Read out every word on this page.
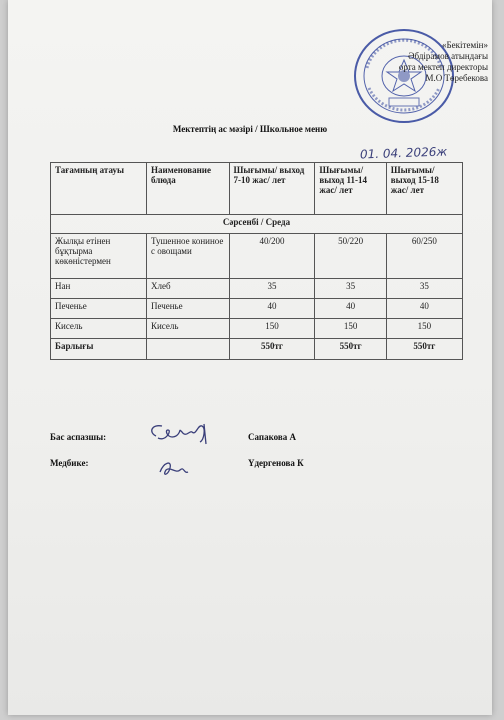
«Бекітемін»
Әбдірамов атындағы
орта мектеп директоры
М.О Төребекова
Мектептің ас мәзірі / Школьное меню
01. 04. 2026ж
Тағамның атауы	Наименование блюда	Шығымы/ выход 7-10 жас/ лет	Шығымы/ выход 11-14 жас/ лет	Шығымы/ выход 15-18 жас/ лет
Сәрсенбі / Среда				
Жылқы етінен бұқтырма көкөністермен	Тушенное кониное с овощами	40/200	50/220	60/250
Нан	Хлеб	35	35	35
Печенье	Печенье	40	40	40
Кисель	Кисель	150	150	150
Барлығы		550тг	550тг	550тг
Бас аспазшы:	Сапакова А
Медбике:	Үдергенова К
